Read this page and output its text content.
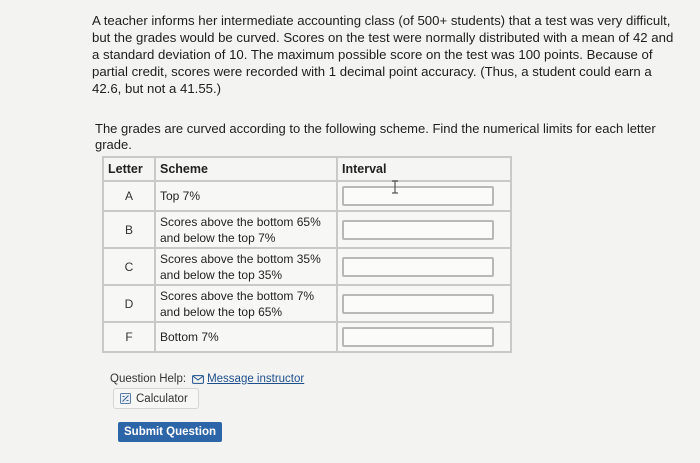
A teacher informs her intermediate accounting class (of 500+ students) that a test was very difficult, but the grades would be curved. Scores on the test were normally distributed with a mean of 42 and a standard deviation of 10. The maximum possible score on the test was 100 points. Because of partial credit, scores were recorded with 1 decimal point accuracy. (Thus, a student could earn a 42.6, but not a 41.55.)
The grades are curved according to the following scheme. Find the numerical limits for each letter grade.
Letter	Scheme	Interval
A	Top 7%	

B	Scores above the bottom 65% and below the top 7%	

C	Scores above the bottom 35% and below the top 35%	

D	Scores above the bottom 7% and below the top 65%	

F	Bottom 7%	
Question Help: Message instructor
Calculator
Submit Question
